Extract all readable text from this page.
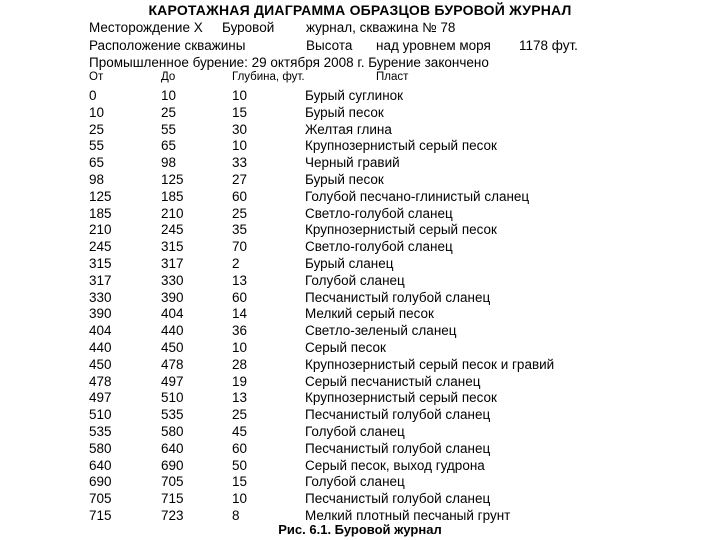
КАРОТАЖНАЯ ДИАГРАММА ОБРАЗЦОВ БУРОВОЙ ЖУРНАЛ
Месторождение Х Буровой журнал, скважина № 78
Расположение скважины	Высота над уровнем моря 1178 фут.
Промышленное бурение: 29 октября 2008 г. Бурение закончено
От	До	Глубина, фут.	Пласт
0	10	10	Бурый суглинок
10	25	15	Бурый песок
25	55	30	Желтая глина
55	65	10	Крупнозернистый серый песок
65	98	33	Черный гравий
98	125	27	Бурый песок
125	185	60	Голубой песчано-глинистый сланец
185	210	25	Светло-голубой сланец
210	245	35	Крупнозернистый серый песок
245	315	70	Светло-голубой сланец
315	317	2	Бурый сланец
317	330	13	Голубой сланец
330	390	60	Песчанистый голубой сланец
390	404	14	Мелкий серый песок
404	440	36	Светло-зеленый сланец
440	450	10	Серый песок
450	478	28	Крупнозернистый серый песок и гравий
478	497	19	Серый песчанистый сланец
497	510	13	Крупнозернистый серый песок
510	535	25	Песчанистый голубой сланец
535	580	45	Голубой сланец
580	640	60	Песчанистый голубой сланец
640	690	50	Серый песок, выход гудрона
690	705	15	Голубой сланец
705	715	10	Песчанистый голубой сланец
715	723	8	Мелкий плотный песчаный грунт
Рис. 6.1. Буровой журнал
